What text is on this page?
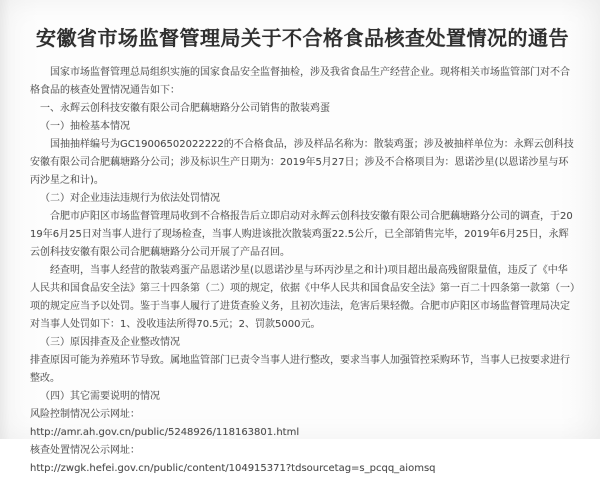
安徽省市场监督管理局关于不合格食品核查处置情况的通告

国家市场监督管理总局组织实施的国家食品安全监督抽检，涉及我省食品生产经营企业。现将相关市场监管部门对不合格食品的核查处置情况通告如下：

一、永辉云创科技安徽有限公司合肥藕塘路分公司销售的散装鸡蛋

（一）抽检基本情况

国抽抽样编号为GC19006502022222的不合格食品，涉及样品名称为：散装鸡蛋；涉及被抽样单位为：永辉云创科技安徽有限公司合肥藕塘路分公司；涉及标识生产日期为：2019年5月27日；涉及不合格项目为：恩诺沙星(以恩诺沙星与环丙沙星之和计)。

（二）对企业违法违规行为依法处罚情况

合肥市庐阳区市场监督管理局收到不合格报告后立即启动对永辉云创科技安徽有限公司合肥藕塘路分公司的调查，于2019年6月25日对当事人进行了现场检查，当事人购进该批次散装鸡蛋22.5公斤，已全部销售完毕，2019年6月25日，永辉云创科技安徽有限公司合肥藕塘路分公司开展了产品召回。

经查明，当事人经营的散装鸡蛋产品恩诺沙星(以恩诺沙星与环丙沙星之和计)项目超出最高残留限量值，违反了《中华人民共和国食品安全法》第三十四条第（二）项的规定，依据《中华人民共和国食品安全法》第一百二十四条第一款第（一）项的规定应当予以处罚。鉴于当事人履行了进货查验义务，且初次违法，危害后果轻微。合肥市庐阳区市场监督管理局决定对当事人处罚如下：1、没收违法所得70.5元；2、罚款5000元。

（三）原因排查及企业整改情况

排查原因可能为养殖环节导致。属地监管部门已责令当事人进行整改，要求当事人加强管控采购环节，当事人已按要求进行整改。

（四）其它需要说明的情况

风险控制情况公示网址：

http://amr.ah.gov.cn/public/5248926/118163801.html

核查处置情况公示网址：

http://zwgk.hefei.gov.cn/public/content/104915371?tdsourcetag=s_pcqq_aiomsq
